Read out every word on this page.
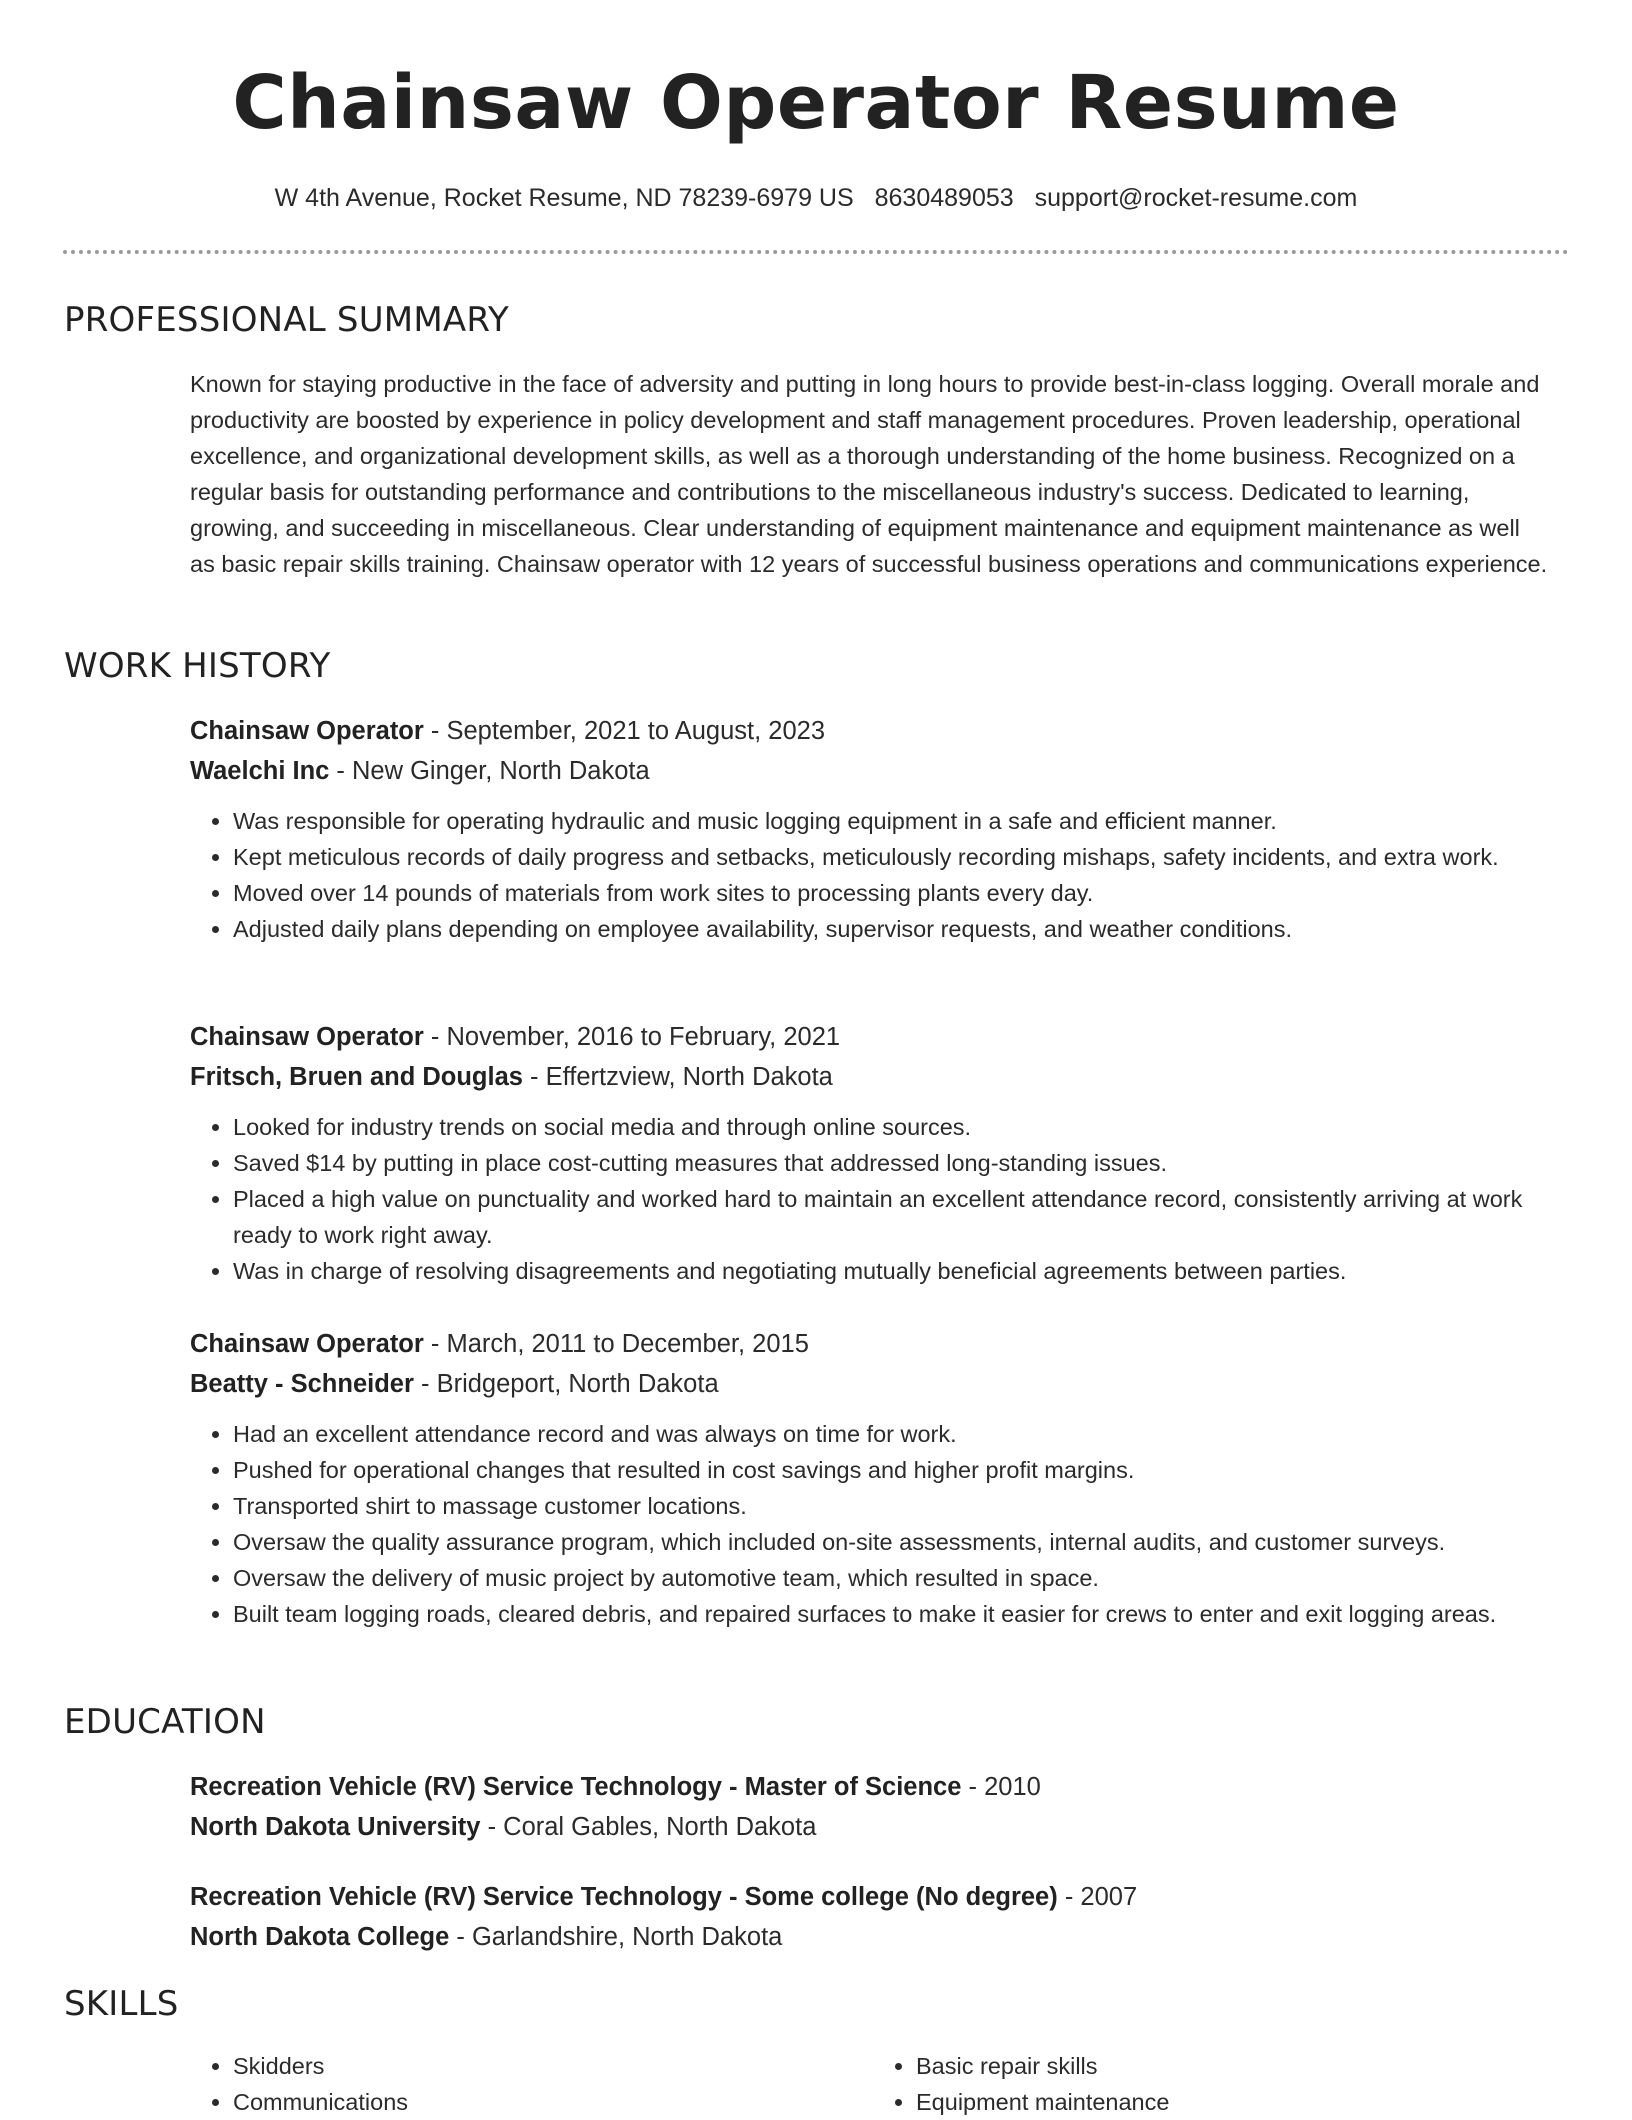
Chainsaw Operator Resume
W 4th Avenue, Rocket Resume, ND 78239-6979 US 8630489053 support@rocket-resume.com
PROFESSIONAL SUMMARY

Known for staying productive in the face of adversity and putting in long hours to provide best-in-class logging. Overall morale and productivity are boosted by experience in policy development and staff management procedures. Proven leadership, operational excellence, and organizational development skills, as well as a thorough understanding of the home business. Recognized on a regular basis for outstanding performance and contributions to the miscellaneous industry's success. Dedicated to learning, growing, and succeeding in miscellaneous. Clear understanding of equipment maintenance and equipment maintenance as well as basic repair skills training. Chainsaw operator with 12 years of successful business operations and communications experience.

WORK HISTORY
Chainsaw Operator - September, 2021 to August, 2023
Waelchi Inc - New Ginger, North Dakota
• Was responsible for operating hydraulic and music logging equipment in a safe and efficient manner.
• Kept meticulous records of daily progress and setbacks, meticulously recording mishaps, safety incidents, and extra work.
• Moved over 14 pounds of materials from work sites to processing plants every day.
• Adjusted daily plans depending on employee availability, supervisor requests, and weather conditions.
Chainsaw Operator - November, 2016 to February, 2021
Fritsch, Bruen and Douglas - Effertzview, North Dakota
• Looked for industry trends on social media and through online sources.
• Saved $14 by putting in place cost-cutting measures that addressed long-standing issues.
• Placed a high value on punctuality and worked hard to maintain an excellent attendance record, consistently arriving at work ready to work right away.
• Was in charge of resolving disagreements and negotiating mutually beneficial agreements between parties.
Chainsaw Operator - March, 2011 to December, 2015
Beatty - Schneider - Bridgeport, North Dakota
• Had an excellent attendance record and was always on time for work.
• Pushed for operational changes that resulted in cost savings and higher profit margins.
• Transported shirt to massage customer locations.
• Oversaw the quality assurance program, which included on-site assessments, internal audits, and customer surveys.
• Oversaw the delivery of music project by automotive team, which resulted in space.
• Built team logging roads, cleared debris, and repaired surfaces to make it easier for crews to enter and exit logging areas.
EDUCATION
Recreation Vehicle (RV) Service Technology - Master of Science - 2010
North Dakota University - Coral Gables, North Dakota
Recreation Vehicle (RV) Service Technology - Some college (No degree) - 2007
North Dakota College - Garlandshire, North Dakota
SKILLS
• Skidders
• Communications
• Basic repair skills
• Equipment maintenance
